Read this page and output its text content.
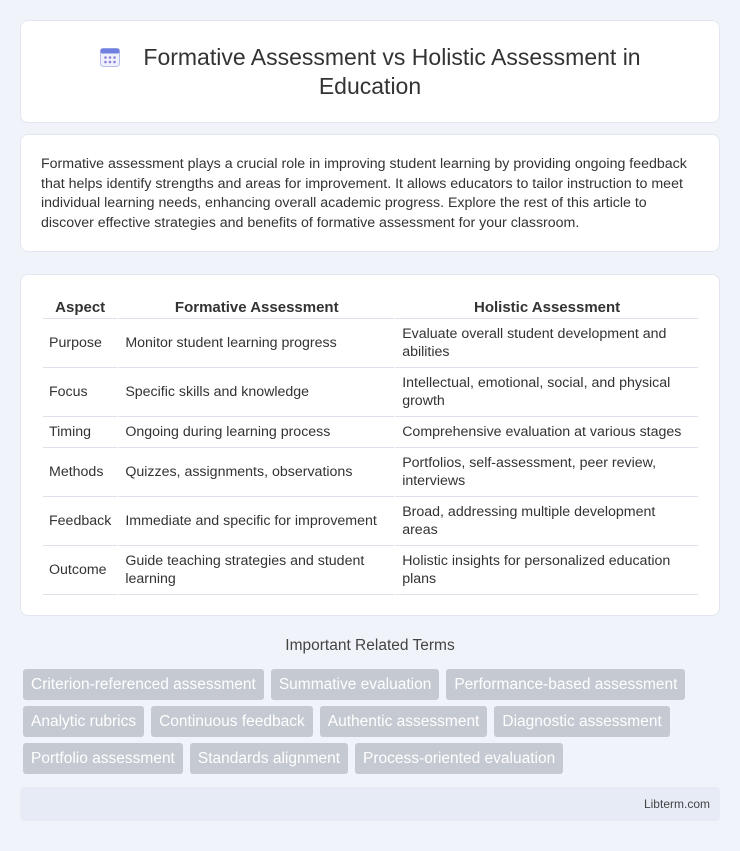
Formative Assessment vs Holistic Assessment in Education

Formative assessment plays a crucial role in improving student learning by providing ongoing feedback that helps identify strengths and areas for improvement. It allows educators to tailor instruction to meet individual learning needs, enhancing overall academic progress. Explore the rest of this article to discover effective strategies and benefits of formative assessment for your classroom.

Aspect	Formative Assessment	Holistic Assessment
Purpose	Monitor student learning progress	Evaluate overall student development and abilities
Focus	Specific skills and knowledge	Intellectual, emotional, social, and physical growth
Timing	Ongoing during learning process	Comprehensive evaluation at various stages
Methods	Quizzes, assignments, observations	Portfolios, self-assessment, peer review, interviews
Feedback	Immediate and specific for improvement	Broad, addressing multiple development areas
Outcome	Guide teaching strategies and student learning	Holistic insights for personalized education plans
Important Related Terms
Criterion-referenced assessment	Summative evaluation	Performance-based assessment
Analytic rubrics	Continuous feedback	Authentic assessment	Diagnostic assessment
Portfolio assessment	Standards alignment	Process-oriented evaluation
Libterm.com
